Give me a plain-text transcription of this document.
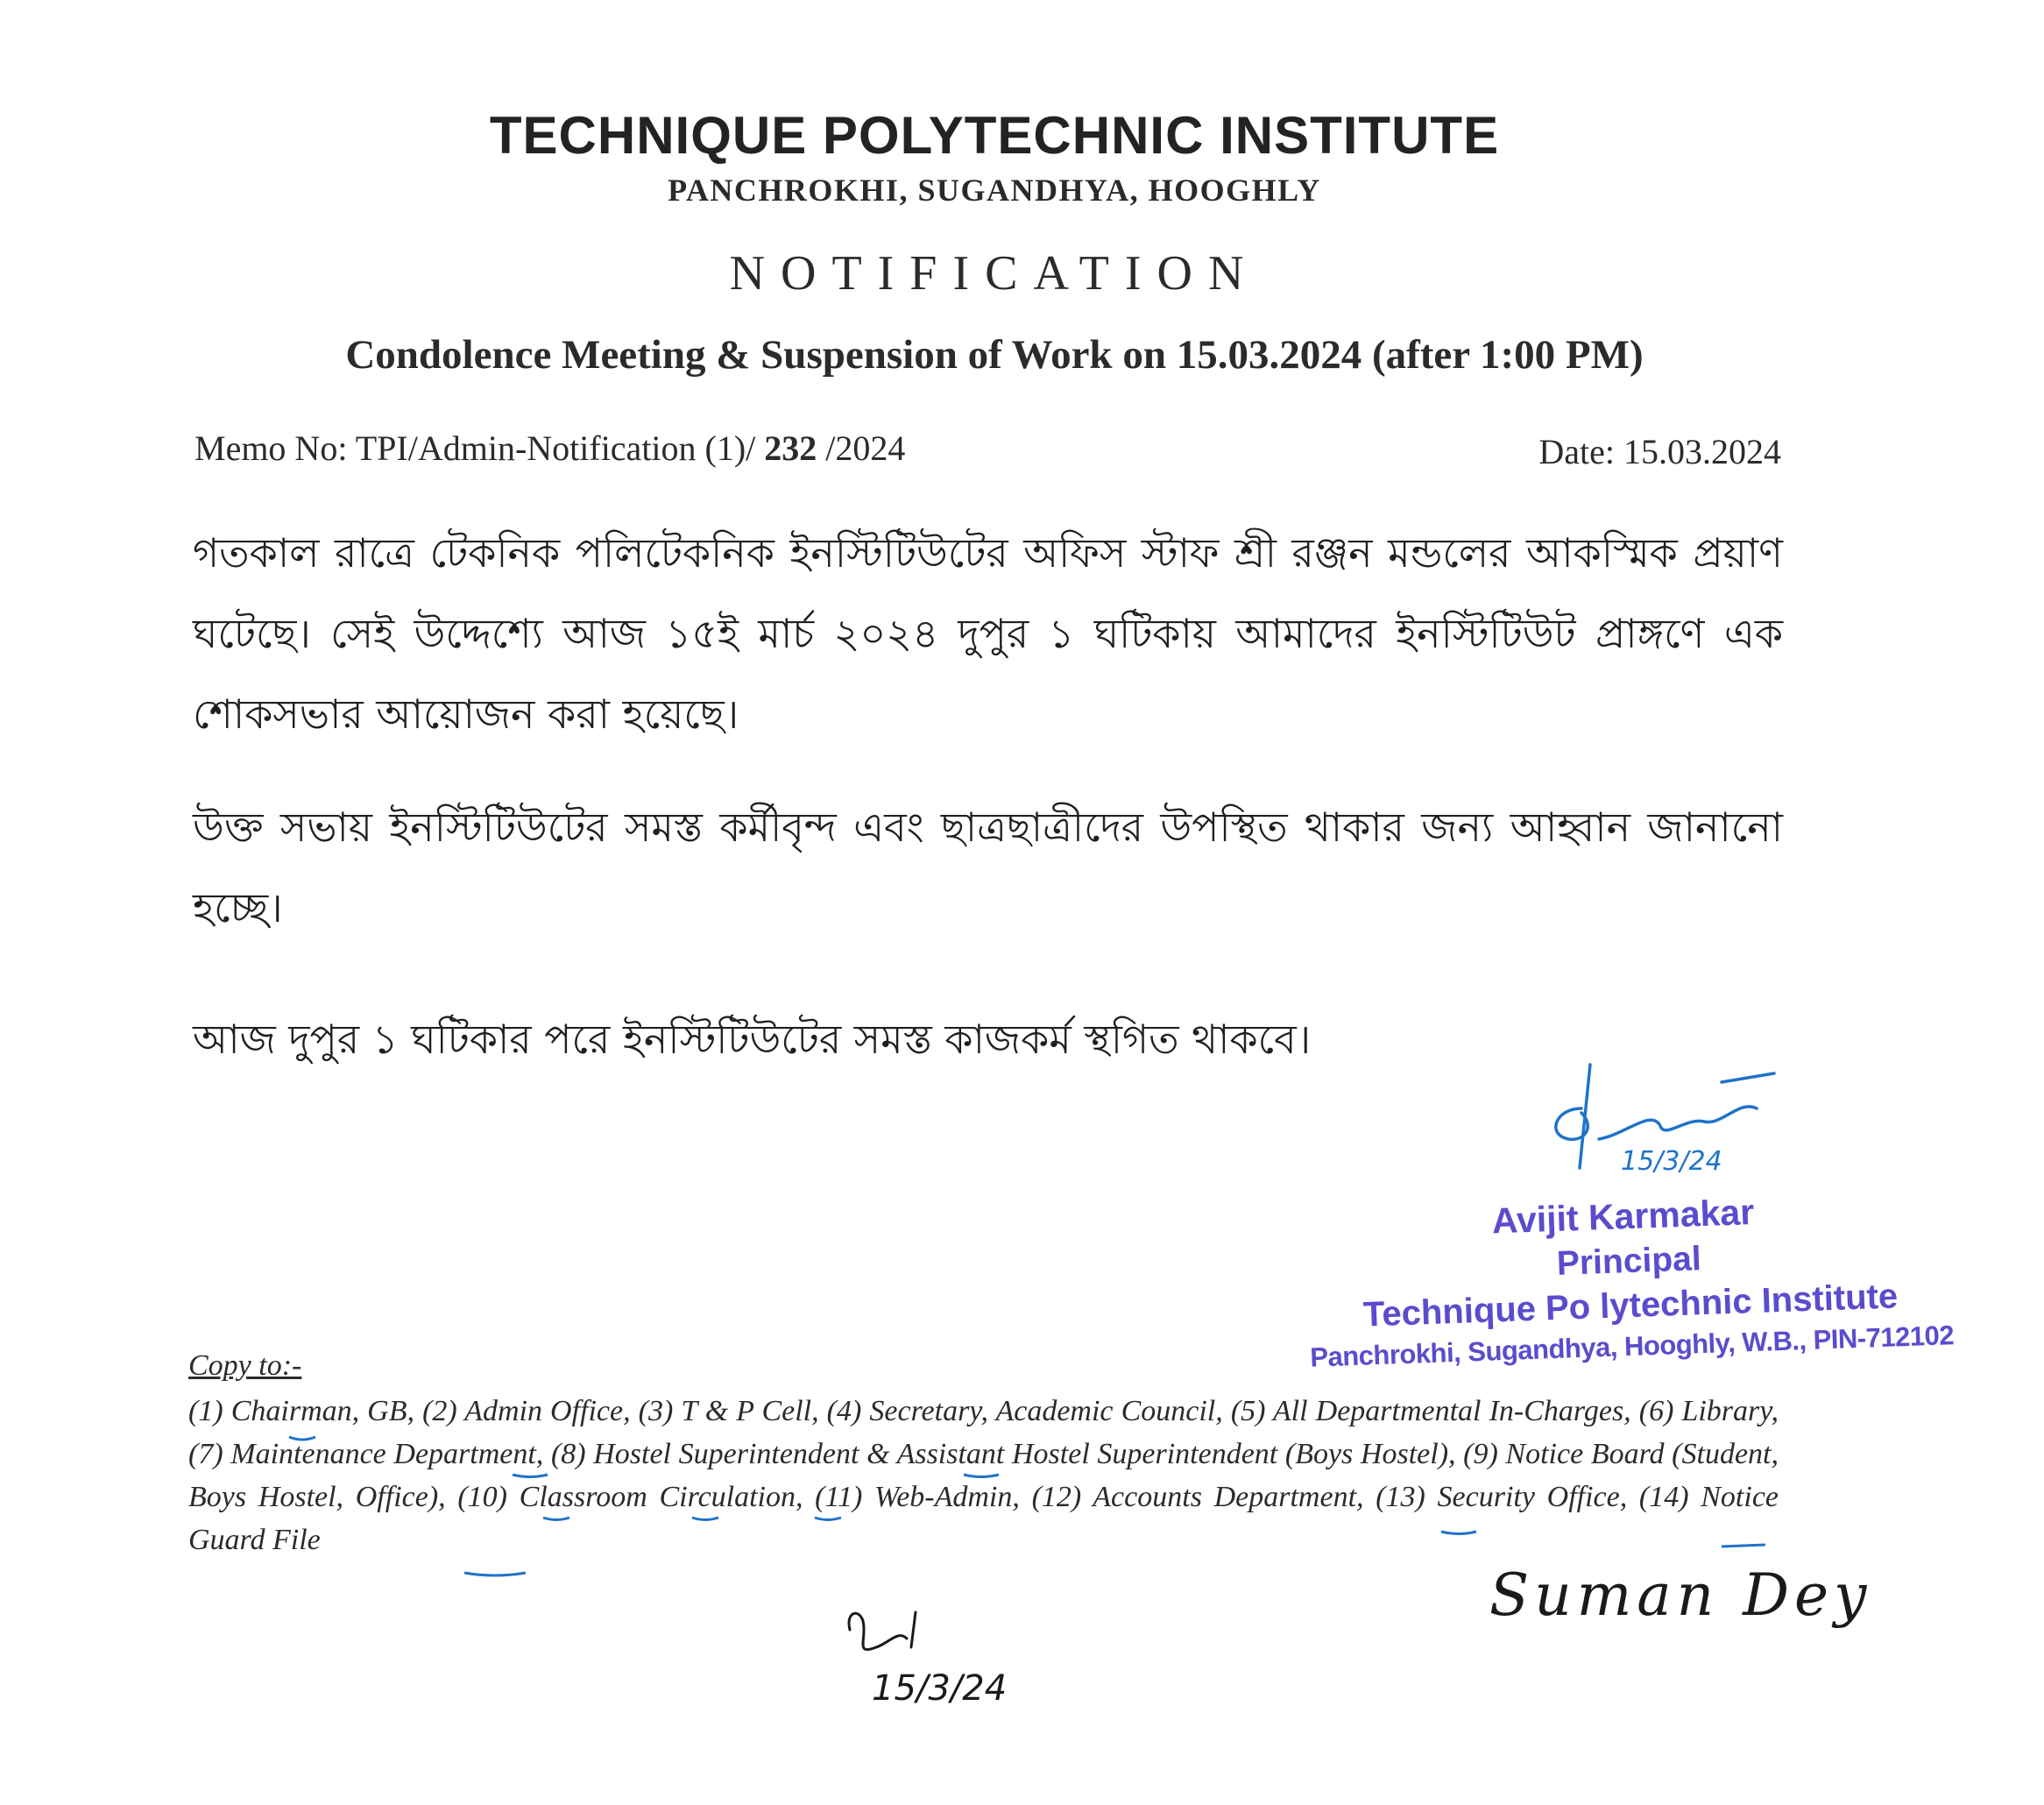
TECHNIQUE POLYTECHNIC INSTITUTE
PANCHROKHI, SUGANDHYA, HOOGHLY
NOTIFICATION
Condolence Meeting & Suspension of Work on 15.03.2024 (after 1:00 PM)
Memo No: TPI/Admin-Notification (1)/ 232 /2024	Date: 15.03.2024
গতকাল রাত্রে টেকনিক পলিটেকনিক ইনস্টিটিউটের অফিস স্টাফ শ্রী রঞ্জন মন্ডলের আকস্মিক প্রয়াণ ঘটেছে। সেই উদ্দেশ্যে আজ ১৫ই মার্চ ২০২৪ দুপুর ১ ঘটিকায় আমাদের ইনস্টিটিউট প্রাঙ্গণে এক শোকসভার আয়োজন করা হয়েছে।
উক্ত সভায় ইনস্টিটিউটের সমস্ত কর্মীবৃন্দ এবং ছাত্রছাত্রীদের উপস্থিত থাকার জন্য আহ্বান জানানো হচ্ছে।
আজ দুপুর ১ ঘটিকার পরে ইনস্টিটিউটের সমস্ত কাজকর্ম স্থগিত থাকবে।
15/3/24
Avijit Karmakar
Principal
Technique Po lytechnic Institute
Panchrokhi, Sugandhya, Hooghly, W.B., PIN-712102
Copy to:-
(1) Chairman, GB, (2) Admin Office, (3) T & P Cell, (4) Secretary, Academic Council, (5) All Departmental In-Charges, (6) Library, (7) Maintenance Department, (8) Hostel Superintendent & Assistant Hostel Superintendent (Boys Hostel), (9) Notice Board (Student, Boys Hostel, Office), (10) Classroom Circulation, (11) Web-Admin, (12) Accounts Department, (13) Security Office, (14) Notice Guard File
Suman Dey
15/3/24
